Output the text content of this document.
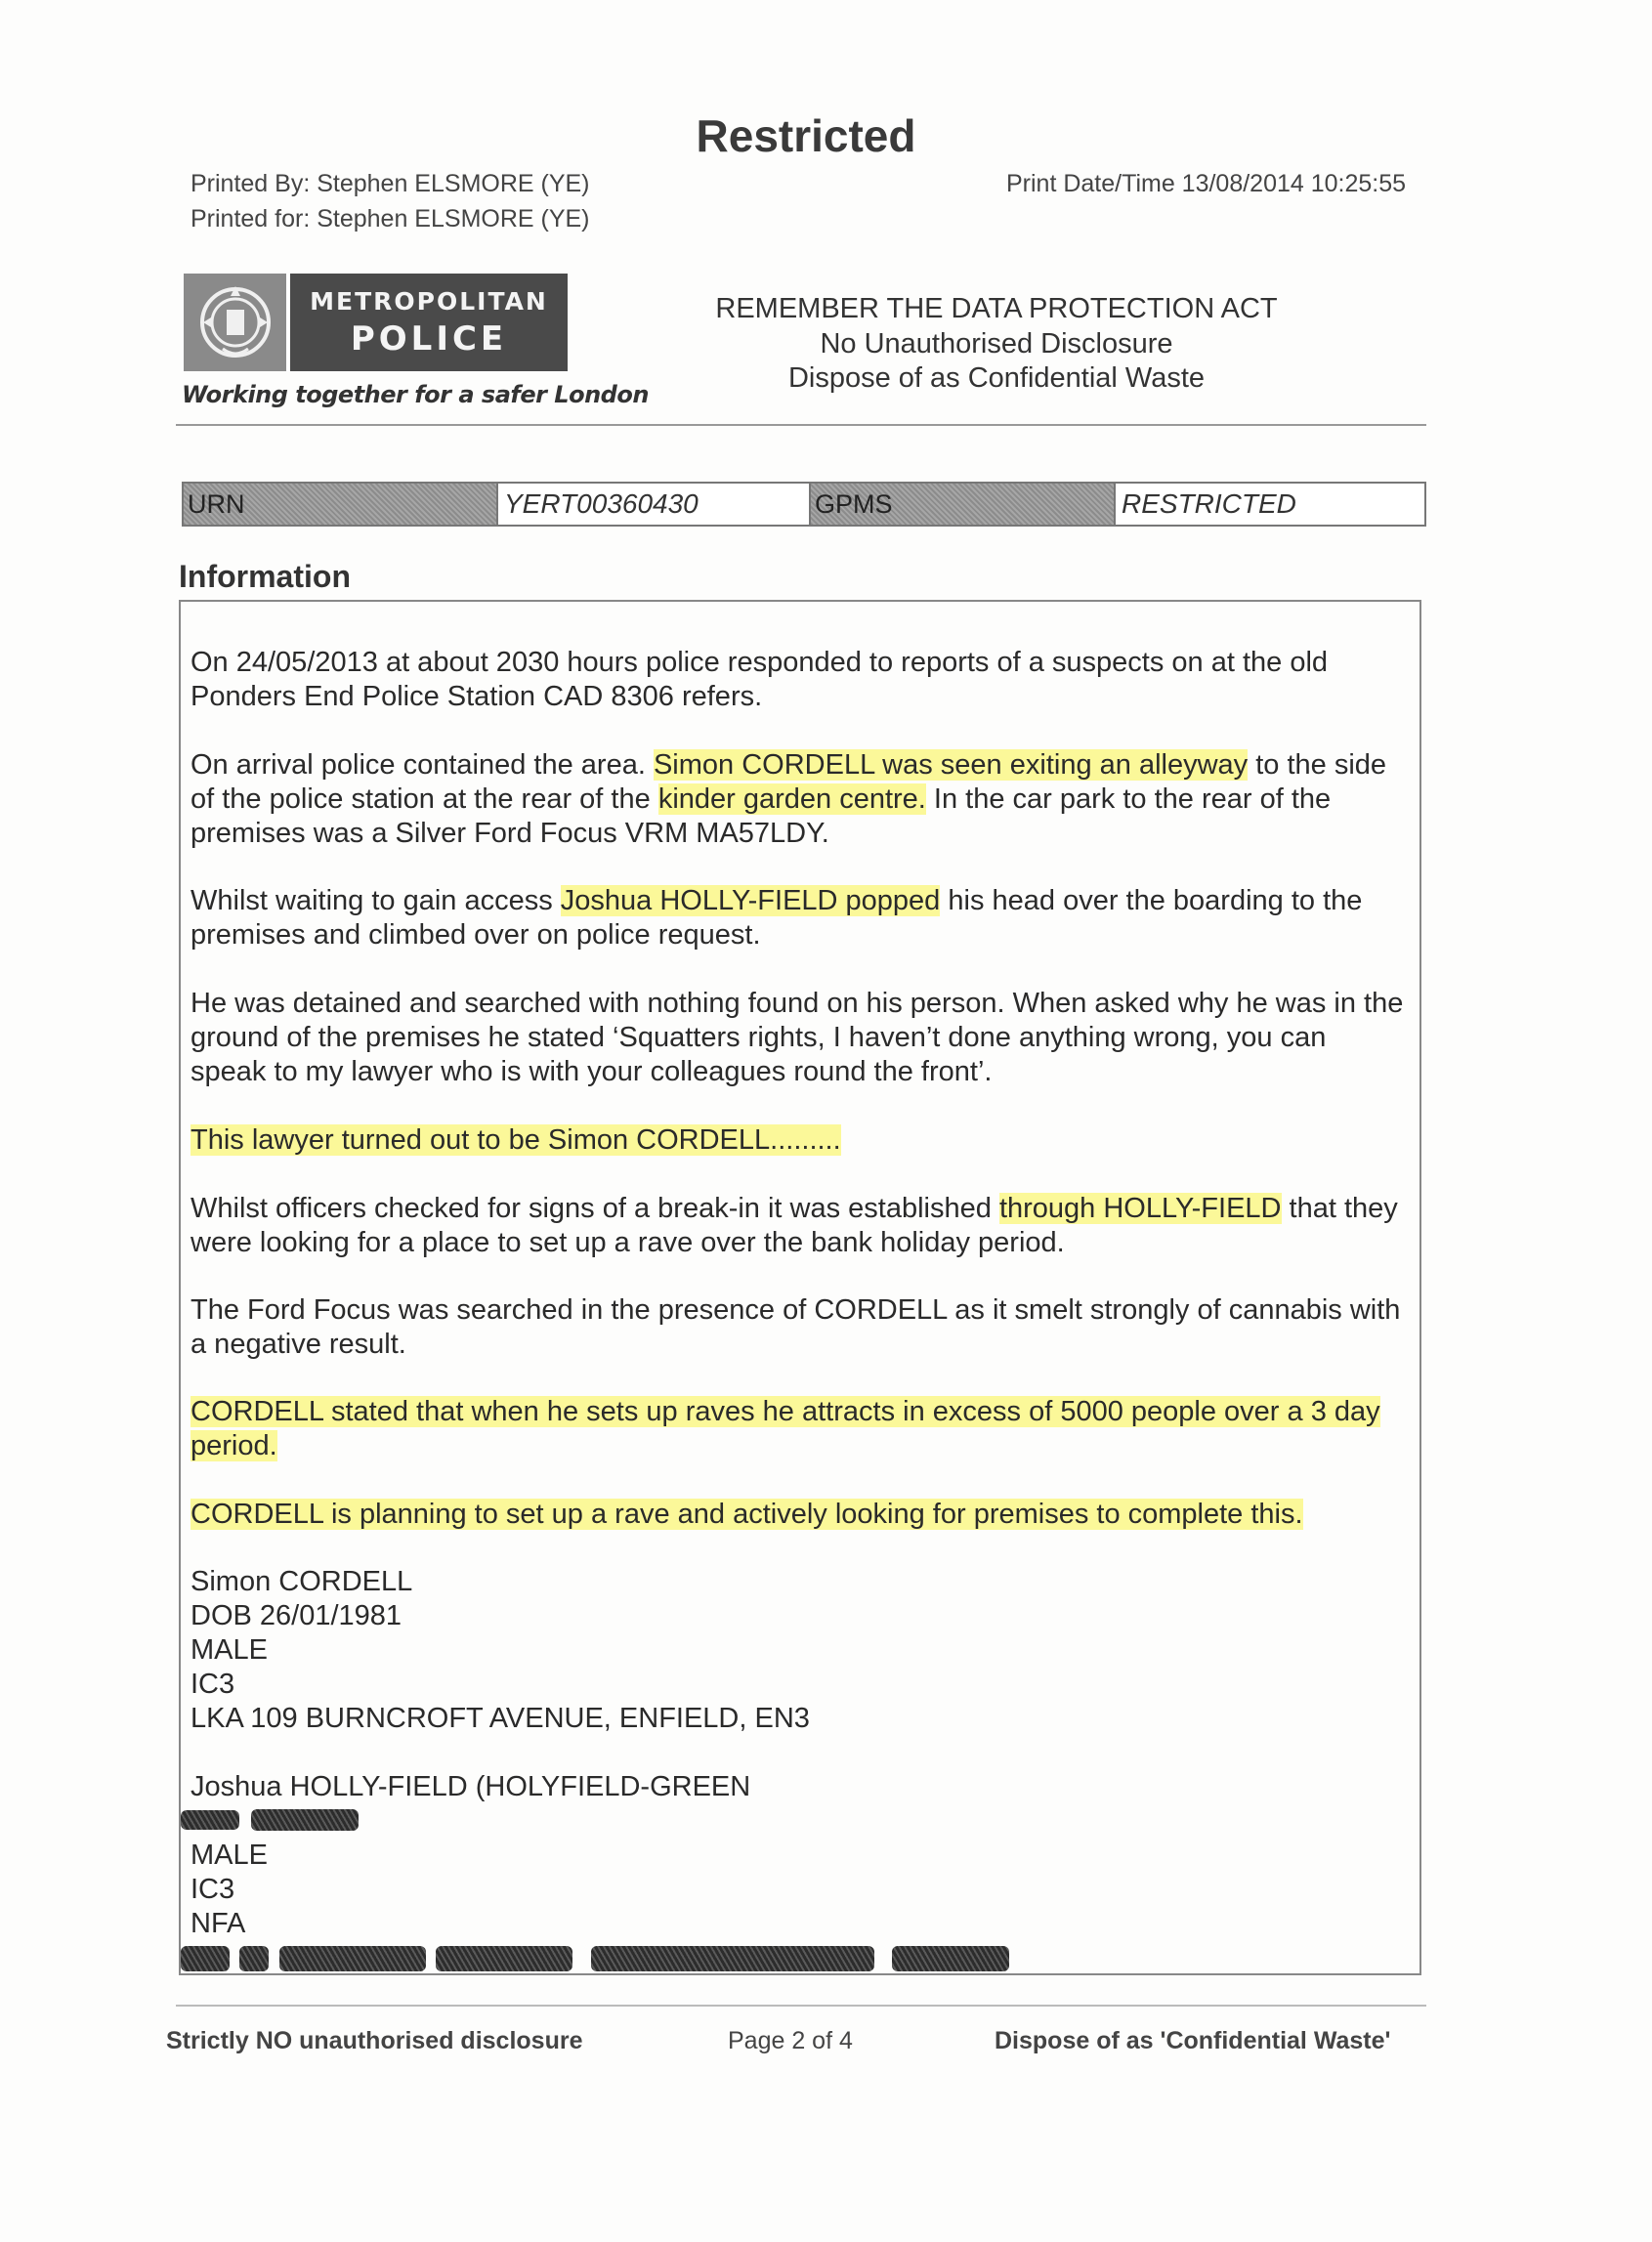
Restricted
Printed By: Stephen ELSMORE (YE)
Printed for: Stephen ELSMORE (YE)
Print Date/Time 13/08/2014 10:25:55
METROPOLITAN
POLICE
Working together for a safer London
REMEMBER THE DATA PROTECTION ACT
No Unauthorised Disclosure
Dispose of as Confidential Waste
URN	YERT00360430	GPMS	RESTRICTED
Information
On 24/05/2013 at about 2030 hours police responded to reports of a suspects on at the old Ponders End Police Station CAD 8306 refers.
On arrival police contained the area. Simon CORDELL was seen exiting an alleyway to the side of the police station at the rear of the kinder garden centre. In the car park to the rear of the premises was a Silver Ford Focus VRM MA57LDY.
Whilst waiting to gain access Joshua HOLLY-FIELD popped his head over the boarding to the premises and climbed over on police request.
He was detained and searched with nothing found on his person. When asked why he was in the ground of the premises he stated ‘Squatters rights, I haven’t done anything wrong, you can speak to my lawyer who is with your colleagues round the front’.
This lawyer turned out to be Simon CORDELL.........
Whilst officers checked for signs of a break-in it was established through HOLLY-FIELD that they were looking for a place to set up a rave over the bank holiday period.
The Ford Focus was searched in the presence of CORDELL as it smelt strongly of cannabis with a negative result.
CORDELL stated that when he sets up raves he attracts in excess of 5000 people over a 3 day period.
CORDELL is planning to set up a rave and actively looking for premises to complete this.
Simon CORDELL
DOB 26/01/1981
MALE
IC3
LKA 109 BURNCROFT AVENUE, ENFIELD, EN3
Joshua HOLLY-FIELD (HOLYFIELD-GREEN

MALE
IC3
NFA

Strictly NO unauthorised disclosure	Page 2 of 4	Dispose of as 'Confidential Waste'
